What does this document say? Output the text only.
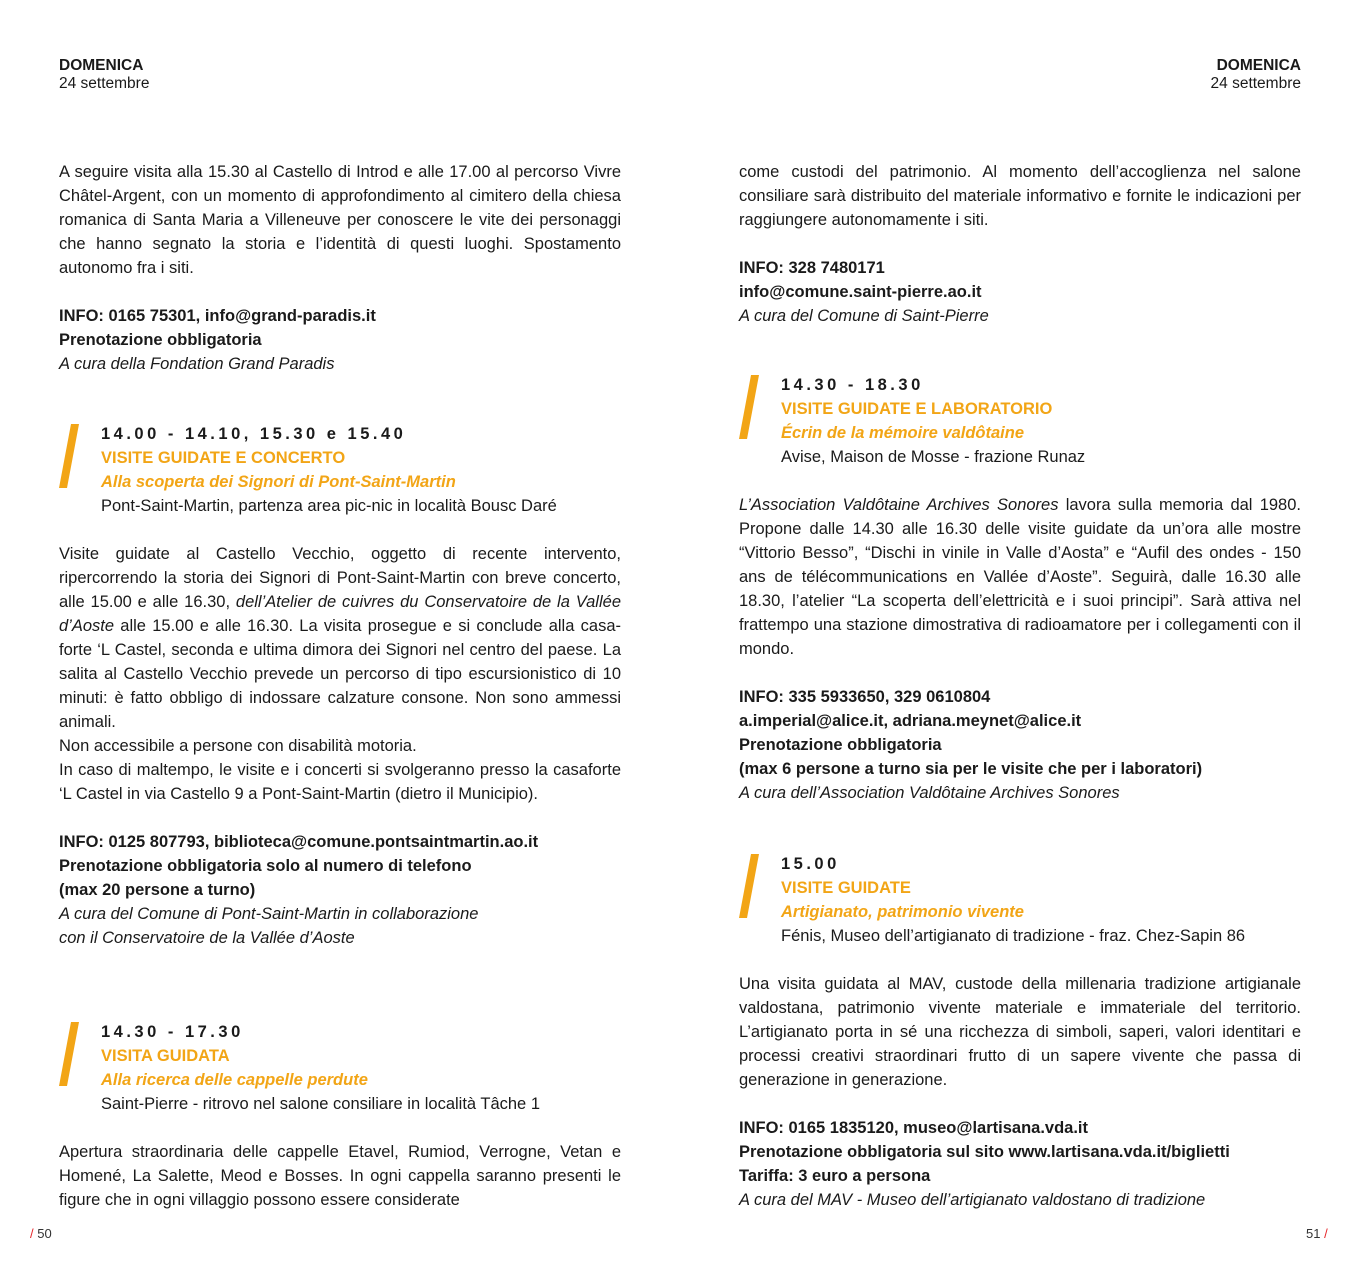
DOMENICA
24 settembre

A seguire visita alla 15.30 al Castello di Introd e alle 17.00 al percorso Vivre Châtel-Argent, con un momento di approfondimento al cimitero della chiesa romanica di Santa Maria a Villeneuve per conoscere le vite dei personaggi che hanno segnato la storia e l’identità di questi luoghi. Spostamento autonomo fra i siti.

INFO: 0165 75301, info@grand-paradis.it

Prenotazione obbligatoria

A cura della Fondation Grand Paradis

14.00 - 14.10, 15.30 e 15.40
VISITE GUIDATE E CONCERTO
Alla scoperta dei Signori di Pont-Saint-Martin
Pont-Saint-Martin, partenza area pic-nic in località Bousc Daré

Visite guidate al Castello Vecchio, oggetto di recente intervento, ripercorrendo la storia dei Signori di Pont-Saint-Martin con breve concerto, alle 15.00 e alle 16.30, dell’Atelier de cuivres du Conservatoire de la Vallée d’Aoste alle 15.00 e alle 16.30. La visita prosegue e si conclude alla casa- forte ‘L Castel, seconda e ultima dimora dei Signori nel centro del paese. La salita al Castello Vecchio prevede un percorso di tipo escursionistico di 10 minuti: è fatto obbligo di indossare calzature consone. Non sono ammessi animali.

Non accessibile a persone con disabilità motoria.

In caso di maltempo, le visite e i concerti si svolgeranno presso la casaforte ‘L Castel in via Castello 9 a Pont-Saint-Martin (dietro il Municipio).

INFO: 0125 807793, biblioteca@comune.pontsaintmartin.ao.it

Prenotazione obbligatoria solo al numero di telefono

(max 20 persone a turno)

A cura del Comune di Pont-Saint-Martin in collaborazione

con il Conservatoire de la Vallée d’Aoste

14.30 - 17.30
VISITA GUIDATA
Alla ricerca delle cappelle perdute
Saint-Pierre - ritrovo nel salone consiliare in località Tâche 1

Apertura straordinaria delle cappelle Etavel, Rumiod, Verrogne, Vetan e Homené, La Salette, Meod e Bosses. In ogni cappella saranno presenti le figure che in ogni villaggio possono essere considerate

/ 50
DOMENICA
24 settembre

come custodi del patrimonio. Al momento dell’accoglienza nel salone consiliare sarà distribuito del materiale informativo e fornite le indicazioni per raggiungere autonomamente i siti.

INFO: 328 7480171

info@comune.saint-pierre.ao.it

A cura del Comune di Saint-Pierre

14.30 - 18.30
VISITE GUIDATE E LABORATORIO
Écrin de la mémoire valdôtaine
Avise, Maison de Mosse - frazione Runaz

L’Association Valdôtaine Archives Sonores lavora sulla memoria dal 1980. Propone dalle 14.30 alle 16.30 delle visite guidate da un’ora alle mostre “Vittorio Besso”, “Dischi in vinile in Valle d’Aosta” e “Aufil des ondes - 150 ans de télécommunications en Vallée d’Aoste”. Seguirà, dalle 16.30 alle 18.30, l’atelier “La scoperta dell’elettricità e i suoi principi”. Sarà attiva nel frattempo una stazione dimostrativa di radioamatore per i collegamenti con il mondo.

INFO: 335 5933650, 329 0610804

a.imperial@alice.it, adriana.meynet@alice.it

Prenotazione obbligatoria

(max 6 persone a turno sia per le visite che per i laboratori)

A cura dell’Association Valdôtaine Archives Sonores

15.00
VISITE GUIDATE
Artigianato, patrimonio vivente
Fénis, Museo dell’artigianato di tradizione - fraz. Chez-Sapin 86

Una visita guidata al MAV, custode della millenaria tradizione artigianale valdostana, patrimonio vivente materiale e immateriale del territorio. L’artigianato porta in sé una ricchezza di simboli, saperi, valori identitari e processi creativi straordinari frutto di un sapere vivente che passa di generazione in generazione.

INFO: 0165 1835120, museo@lartisana.vda.it

Prenotazione obbligatoria sul sito www.lartisana.vda.it/biglietti

Tariffa: 3 euro a persona

A cura del MAV - Museo dell’artigianato valdostano di tradizione

51 /
